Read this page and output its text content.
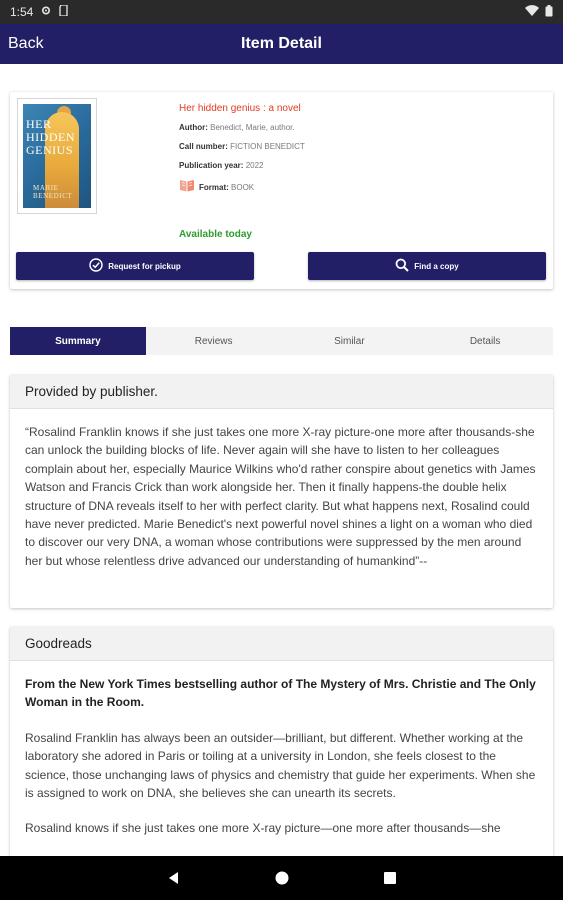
1:54
Back	Item Detail
HER
HIDDEN
GENIUS
MARIE BENEDICT
Her hidden genius : a novel
Author: Benedict, Marie, author.
Call number: FICTION BENEDICT
Publication year: 2022
Format:
BOOK
Available today
Request for pickup	Find a copy
Summary	Reviews	Similar	Details
Provided by publisher.
“Rosalind Franklin knows if she just takes one more X-ray picture-one more after thousands-she can unlock the building blocks of life. Never again will she have to listen to her colleagues complain about her, especially Maurice Wilkins who'd rather conspire about genetics with James Watson and Francis Crick than work alongside her. Then it finally happens-the double helix structure of DNA reveals itself to her with perfect clarity. But what happens next, Rosalind could have never predicted. Marie Benedict's next powerful novel shines a light on a woman who died to discover our very DNA, a woman whose contributions were suppressed by the men around her but whose relentless drive advanced our understanding of humankind”--
Goodreads
From the New York Times bestselling author of The Mystery of Mrs. Christie and The Only Woman in the Room.
Rosalind Franklin has always been an outsider—brilliant, but different. Whether working at the laboratory she adored in Paris or toiling at a university in London, she feels closest to the science, those unchanging laws of physics and chemistry that guide her experiments. When she is assigned to work on DNA, she believes she can unearth its secrets.
Rosalind knows if she just takes one more X-ray picture—one more after thousands—she
